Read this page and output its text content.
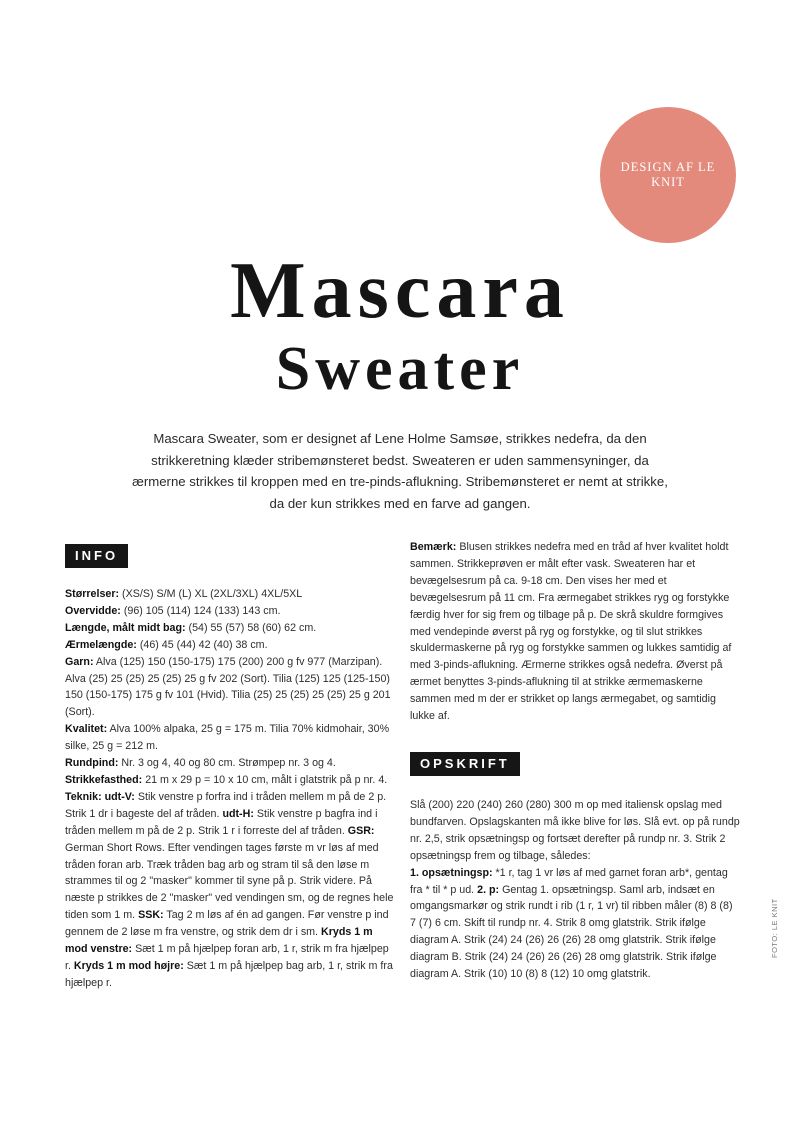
DESIGN AF LE KNIT
Mascara
Sweater
Mascara Sweater, som er designet af Lene Holme Samsøe, strikkes nedefra, da den strikkeretning klæder stribemønsteret bedst. Sweateren er uden sammensyninger, da ærmerne strikkes til kroppen med en tre-pinds-aflukning. Stribemønsteret er nemt at strikke, da der kun strikkes med en farve ad gangen.
INFO

Størrelser: (XS/S) S/M (L) XL (2XL/3XL) 4XL/5XL

Overvidde: (96) 105 (114) 124 (133) 143 cm.

Længde, målt midt bag: (54) 55 (57) 58 (60) 62 cm.

Ærmelængde: (46) 45 (44) 42 (40) 38 cm.

Garn: Alva (125) 150 (150-175) 175 (200) 200 g fv 977 (Marzipan). Alva (25) 25 (25) 25 (25) 25 g fv 202 (Sort). Tilia (125) 125 (125-150) 150 (150-175) 175 g fv 101 (Hvid). Tilia (25) 25 (25) 25 (25) 25 g 201 (Sort).

Kvalitet: Alva 100% alpaka, 25 g = 175 m. Tilia 70% kidmohair, 30% silke, 25 g = 212 m.

Rundpind: Nr. 3 og 4, 40 og 80 cm. Strømpep nr. 3 og 4.

Strikkefasthed: 21 m x 29 p = 10 x 10 cm, målt i glatstrik på p nr. 4.

Teknik: udt-V: Stik venstre p forfra ind i tråden mellem m på de 2 p. Strik 1 dr i bageste del af tråden. udt-H: Stik venstre p bagfra ind i tråden mellem m på de 2 p. Strik 1 r i forreste del af tråden. GSR: German Short Rows. Efter vendingen tages første m vr løs af med tråden foran arb. Træk tråden bag arb og stram til så den løse m strammes til og 2 "masker" kommer til syne på p. Strik videre. På næste p strikkes de 2 "masker" ved vendingen sm, og de regnes hele tiden som 1 m. SSK: Tag 2 m løs af én ad gangen. Før venstre p ind gennem de 2 løse m fra venstre, og strik dem dr i sm. Kryds 1 m mod venstre: Sæt 1 m på hjælpep foran arb, 1 r, strik m fra hjælpep r. Kryds 1 m mod højre: Sæt 1 m på hjælpep bag arb, 1 r, strik m fra hjælpep r.

Bemærk: Blusen strikkes nedefra med en tråd af hver kvalitet holdt sammen. Strikkeprøven er målt efter vask. Sweateren har et bevægelsesrum på ca. 9-18 cm. Den vises her med et bevægelsesrum på 11 cm. Fra ærmegabet strikkes ryg og forstykke færdig hver for sig frem og tilbage på p. De skrå skuldre formgives med vendepinde øverst på ryg og forstykke, og til slut strikkes skuldermaskerne på ryg og forstykke sammen og lukkes samtidig af med 3-pinds-aflukning. Ærmerne strikkes også nedefra. Øverst på ærmet benyttes 3-pinds-aflukning til at strikke ærmemaskerne sammen med m der er strikket op langs ærmegabet, og samtidig lukke af.

OPSKRIFT

Slå (200) 220 (240) 260 (280) 300 m op med italiensk opslag med bundfarven. Opslagskanten må ikke blive for løs. Slå evt. op på rundp nr. 2,5, strik opsætningsp og fortsæt derefter på rundp nr. 3. Strik 2 opsætningsp frem og tilbage, således:

1. opsætningsp: *1 r, tag 1 vr løs af med garnet foran arb*, gentag fra * til * p ud. 2. p: Gentag 1. opsætningsp. Saml arb, indsæt en omgangsmarkør og strik rundt i rib (1 r, 1 vr) til ribben måler (8) 8 (8) 7 (7) 6 cm. Skift til rundp nr. 4. Strik 8 omg glatstrik. Strik ifølge diagram A. Strik (24) 24 (26) 26 (26) 28 omg glatstrik. Strik ifølge diagram B. Strik (24) 24 (26) 26 (26) 28 omg glatstrik. Strik ifølge diagram A. Strik (10) 10 (8) 8 (12) 10 omg glatstrik.

FOTO: LE KNIT
